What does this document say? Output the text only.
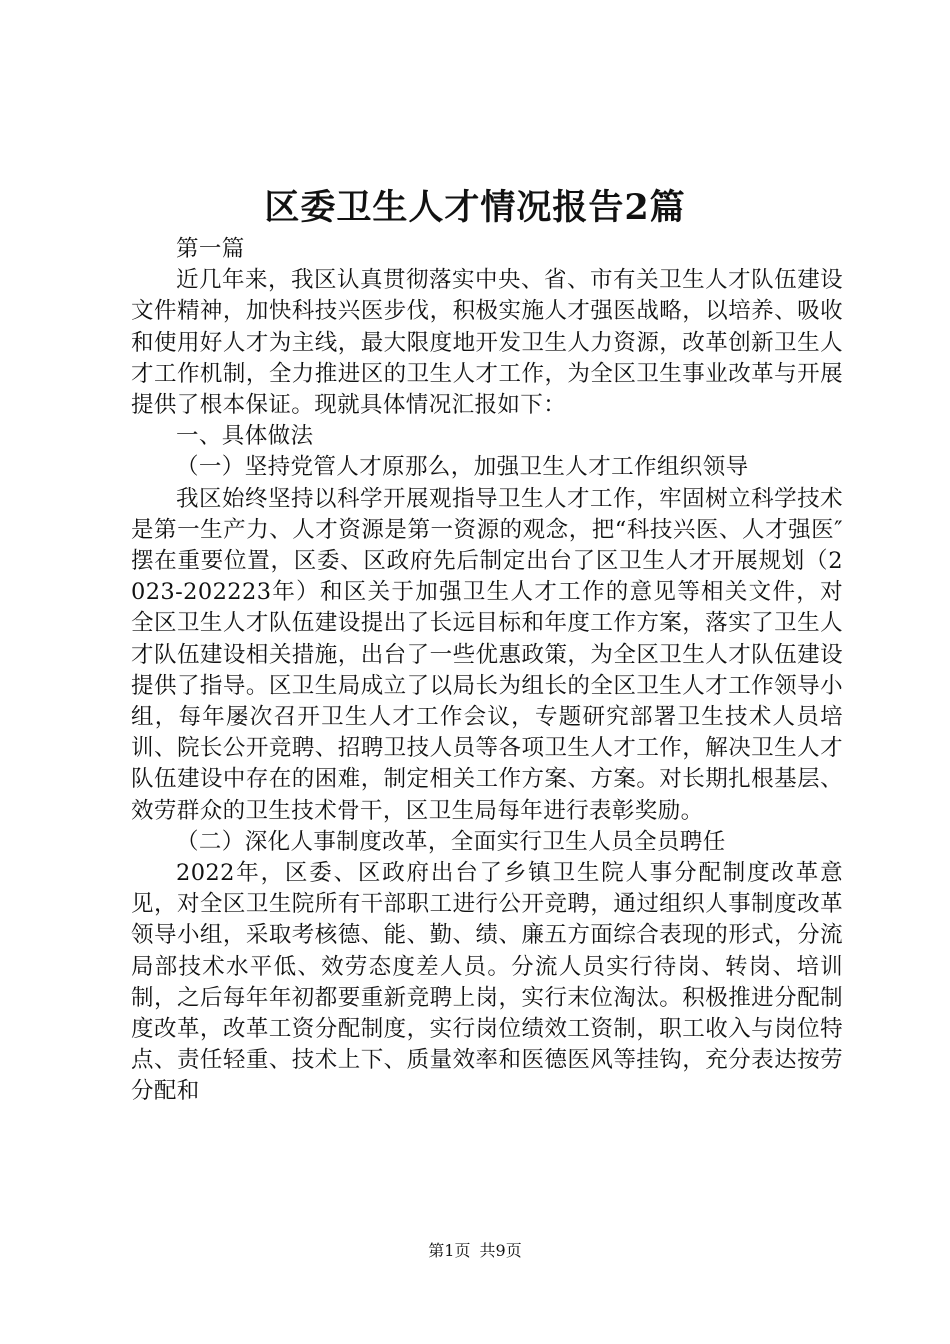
区委卫生人才情况报告2篇

第一篇

近几年来，我区认真贯彻落实中央、省、市有关卫生人才队伍建设文件精神，加快科技兴医步伐，积极实施人才强医战略，以培养、吸收和使用好人才为主线，最大限度地开发卫生人力资源，改革创新卫生人才工作机制，全力推进区的卫生人才工作，为全区卫生事业改革与开展提供了根本保证。现就具体情况汇报如下：

一、具体做法

（一）坚持党管人才原那么，加强卫生人才工作组织领导

我区始终坚持以科学开展观指导卫生人才工作，牢固树立科学技术是第一生产力、人才资源是第一资源的观念，把“科技兴医、人才强医″摆在重要位置，区委、区政府先后制定出台了区卫生人才开展规划（2023-202223年）和区关于加强卫生人才工作的意见等相关文件，对全区卫生人才队伍建设提出了长远目标和年度工作方案，落实了卫生人才队伍建设相关措施，出台了一些优惠政策，为全区卫生人才队伍建设提供了指导。区卫生局成立了以局长为组长的全区卫生人才工作领导小组，每年屡次召开卫生人才工作会议，专题研究部署卫生技术人员培训、院长公开竞聘、招聘卫技人员等各项卫生人才工作，解决卫生人才队伍建设中存在的困难，制定相关工作方案、方案。对长期扎根基层、效劳群众的卫生技术骨干，区卫生局每年进行表彰奖励。

（二）深化人事制度改革，全面实行卫生人员全员聘任

2022年，区委、区政府出台了乡镇卫生院人事分配制度改革意见，对全区卫生院所有干部职工进行公开竞聘，通过组织人事制度改革领导小组，采取考核德、能、勤、绩、廉五方面综合表现的形式，分流局部技术水平低、效劳态度差人员。分流人员实行待岗、转岗、培训制，之后每年年初都要重新竞聘上岗，实行末位淘汰。积极推进分配制度改革，改革工资分配制度，实行岗位绩效工资制，职工收入与岗位特点、责任轻重、技术上下、质量效率和医德医风等挂钩，充分表达按劳分配和

第1页 共9页
